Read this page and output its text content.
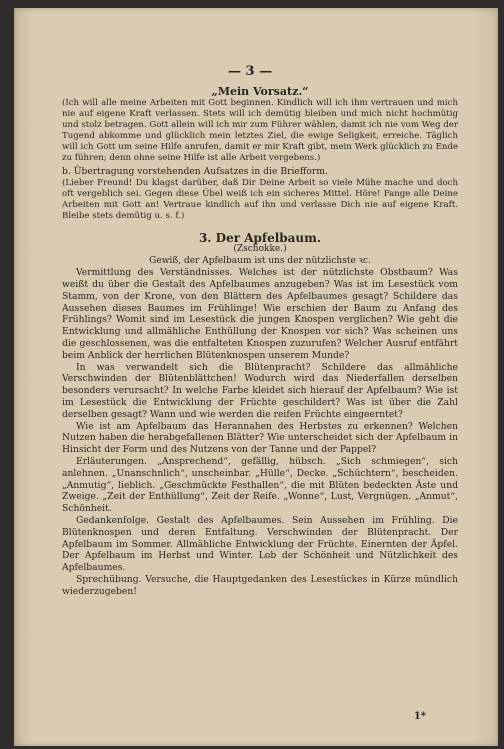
— 3 —
„Mein Vorsatz.“

(Ich will alle meine Arbeiten mit Gott beginnen. Kindlich will ich ihm vertrauen und mich nie auf eigene Kraft verlassen. Stets will ich demütig bleiben und mich nicht hochmütig und stolz betragen. Gott allein will ich mir zum Führer wählen, damit ich nie vom Weg der Tugend abkomme und glücklich mein letztes Ziel, die ewige Seligkeit, erreiche. Täglich will ich Gott um seine Hilfe anrufen, damit er mir Kraft gibt, mein Werk glücklich zu Ende zu führen; denn ohne seine Hilfe ist alle Arbeit vergebens.)

b. Übertragung vorstehenden Aufsatzes in die Briefform.

(Lieber Freund! Du klagst darüber, daß Dir Deine Arbeit so viele Mühe mache und doch oft vergeblich sei. Gegen diese Übel weiß ich ein sicheres Mittel. Höre! Fange alle Deine Arbeiten mit Gott an! Vertraue kindlich auf ihn und verlasse Dich nie auf eigene Kraft. Bleibe stets demütig u. s. f.)

3. Der Apfelbaum.
(Zschokke.)
Gewiß, der Apfelbaum ist uns der nützlichste ꝛc.

Vermittlung des Verständnisses. Welches ist der nützlichste Obstbaum? Was weißt du über die Gestalt des Apfelbaumes anzugeben? Was ist im Lesestück vom Stamm, von der Krone, von den Blättern des Apfelbaumes gesagt? Schildere das Aussehen dieses Baumes im Frühlinge! Wie erschien der Baum zu Anfang des Frühlings? Womit sind im Lesestück die jungen Knospen verglichen? Wie geht die Entwicklung und allmähliche Enthüllung der Knospen vor sich? Was scheinen uns die geschlossenen, was die entfalteten Knospen zuzurufen? Welcher Ausruf entfährt beim Anblick der herrlichen Blütenknospen unserem Munde?

In was verwandelt sich die Blütenpracht? Schildere das allmähliche Verschwinden der Blütenblättchen! Wodurch wird das Niederfallen derselben besonders verursacht? In welche Farbe kleidet sich hierauf der Apfelbaum? Wie ist im Lesestück die Entwicklung der Früchte geschildert? Was ist über die Zahl derselben gesagt? Wann und wie werden die reifen Früchte eingeerntet?

Wie ist am Apfelbaum das Herannahen des Herbstes zu erkennen? Welchen Nutzen haben die herabgefallenen Blätter? Wie unterscheidet sich der Apfelbaum in Hinsicht der Form und des Nutzens von der Tanne und der Pappel?

Erläuterungen. „Ansprechend“, gefällig, hübsch. „Sich schmiegen“, sich anlehnen. „Unanschnlich“, unscheinbar. „Hülle“, Decke. „Schüchtern“, bescheiden. „Anmutig“, lieblich. „Geschmückte Festhallen“, die mit Blüten bedeckten Äste und Zweige. „Zeit der Enthüllung“, Zeit der Reife. „Wonne“, Lust, Vergnügen. „Anmut“, Schönheit.

Gedankenfolge. Gestalt des Apfelbaumes. Sein Aussehen im Frühling. Die Blütenknospen und deren Entfaltung. Verschwinden der Blütenpracht. Der Apfelbaum im Sommer. Allmähliche Entwicklung der Früchte. Einernten der Äpfel. Der Apfelbaum im Herbst und Winter. Lob der Schönheit und Nützlichkeit des Apfelbaumes.

Sprechübung. Versuche, die Hauptgedanken des Lesestückes in Kürze mündlich wiederzugeben!

1*
